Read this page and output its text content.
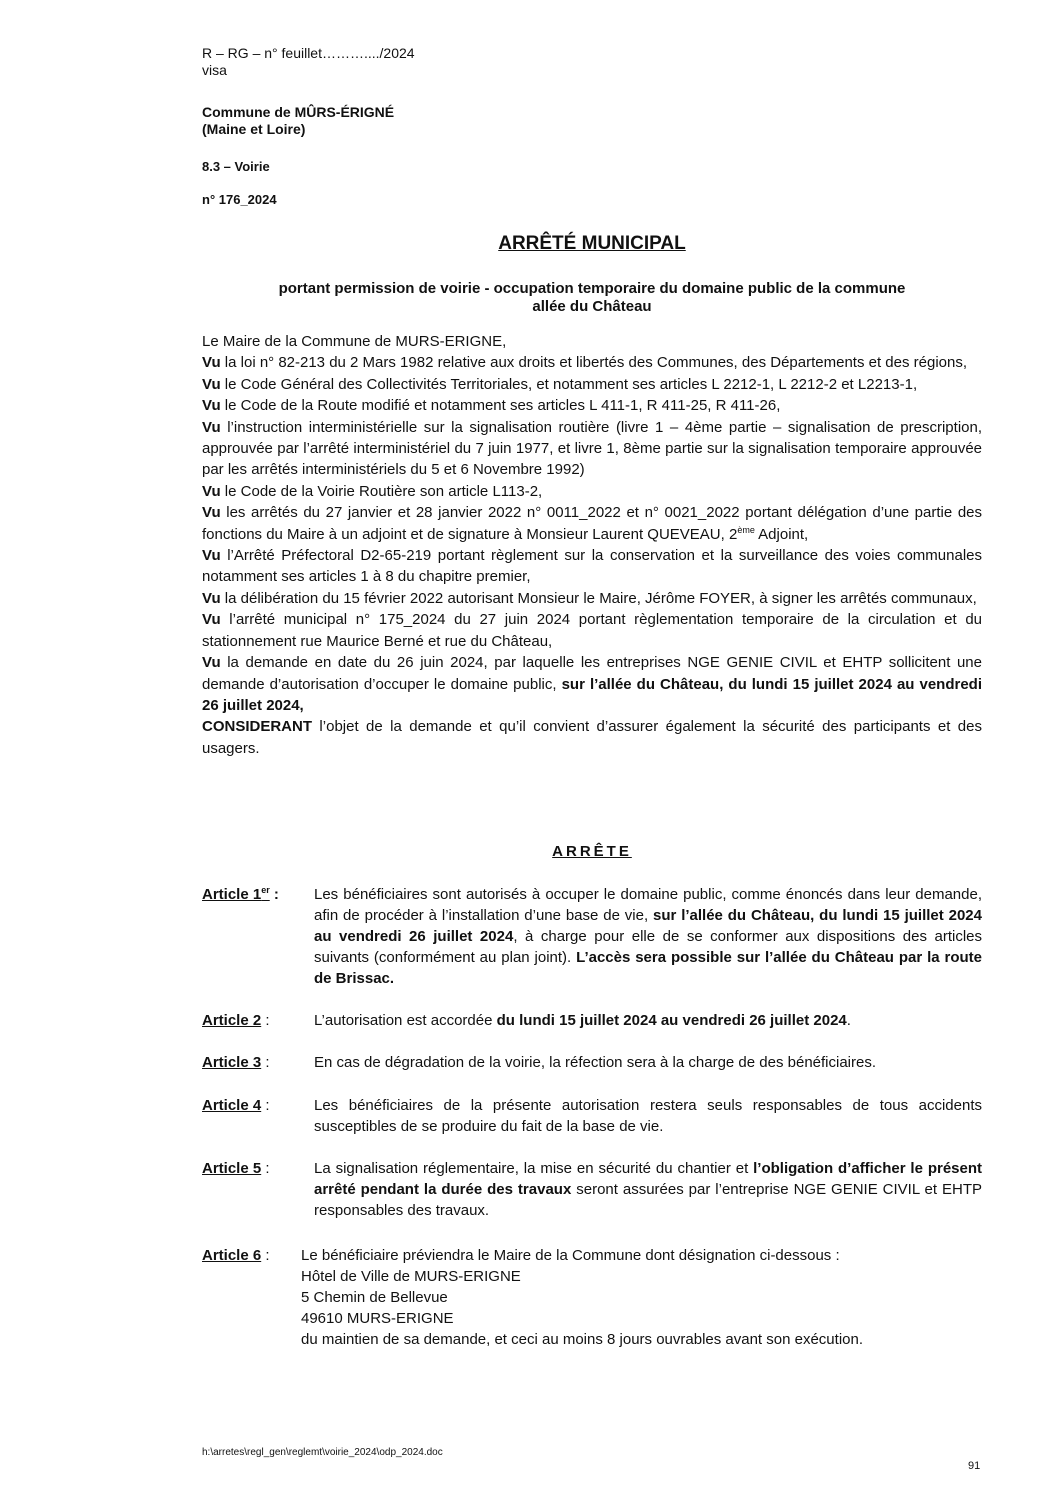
R – RG – n° feuillet………..../2024
visa
Commune de MÛRS-ÉRIGNÉ
(Maine et Loire)
8.3 – Voirie
n° 176_2024
ARRÊTÉ MUNICIPAL
portant permission de voirie - occupation temporaire du domaine public de la commune
allée du Château

Le Maire de la Commune de MURS-ERIGNE,

Vu la loi n° 82-213 du 2 Mars 1982 relative aux droits et libertés des Communes, des Départements et des régions,

Vu le Code Général des Collectivités Territoriales, et notamment ses articles L 2212-1, L 2212-2 et L2213-1,

Vu le Code de la Route modifié et notamment ses articles L 411-1, R 411-25, R 411-26,

Vu l’instruction interministérielle sur la signalisation routière (livre 1 – 4ème partie – signalisation de prescription, approuvée par l’arrêté interministériel du 7 juin 1977, et livre 1, 8ème partie sur la signalisation temporaire approuvée par les arrêtés interministériels du 5 et 6 Novembre 1992)

Vu le Code de la Voirie Routière son article L113-2,

Vu les arrêtés du 27 janvier et 28 janvier 2022 n° 0011_2022 et n° 0021_2022 portant délégation d’une partie des fonctions du Maire à un adjoint et de signature à Monsieur Laurent QUEVEAU, 2ème Adjoint,

Vu l’Arrêté Préfectoral D2-65-219 portant règlement sur la conservation et la surveillance des voies communales notamment ses articles 1 à 8 du chapitre premier,

Vu la délibération du 15 février 2022 autorisant Monsieur le Maire, Jérôme FOYER, à signer les arrêtés communaux,

Vu l’arrêté municipal n° 175_2024 du 27 juin 2024 portant règlementation temporaire de la circulation et du stationnement rue Maurice Berné et rue du Château,

Vu la demande en date du 26 juin 2024, par laquelle les entreprises NGE GENIE CIVIL et EHTP sollicitent une demande d’autorisation d’occuper le domaine public, sur l’allée du Château, du lundi 15 juillet 2024 au vendredi 26 juillet 2024,

CONSIDERANT l’objet de la demande et qu’il convient d’assurer également la sécurité des participants et des usagers.

ARRÊTE
Article 1er : Les bénéficiaires sont autorisés à occuper le domaine public, comme énoncés dans leur demande, afin de procéder à l’installation d’une base de vie, sur l’allée du Château, du lundi 15 juillet 2024 au vendredi 26 juillet 2024, à charge pour elle de se conformer aux dispositions des articles suivants (conformément au plan joint). L’accès sera possible sur l’allée du Château par la route de Brissac.
Article 2 :	L’autorisation est accordée du lundi 15 juillet 2024 au vendredi 26 juillet 2024.
Article 3 :	En cas de dégradation de la voirie, la réfection sera à la charge de des bénéficiaires.
Article 4 :	Les bénéficiaires de la présente autorisation restera seuls responsables de tous accidents susceptibles de se produire du fait de la base de vie.
Article 5 :	La signalisation réglementaire, la mise en sécurité du chantier et l’obligation d’afficher le présent arrêté pendant la durée des travaux seront assurées par l’entreprise NGE GENIE CIVIL et EHTP responsables des travaux.
Article 6 : Le bénéficiaire préviendra le Maire de la Commune dont désignation ci-dessous :
Hôtel de Ville de MURS-ERIGNE
5 Chemin de Bellevue
49610 MURS-ERIGNE
du maintien de sa demande, et ceci au moins 8 jours ouvrables avant son exécution.
h:\arretes\regl_gen\reglemt\voirie_2024\odp_2024.doc
91
